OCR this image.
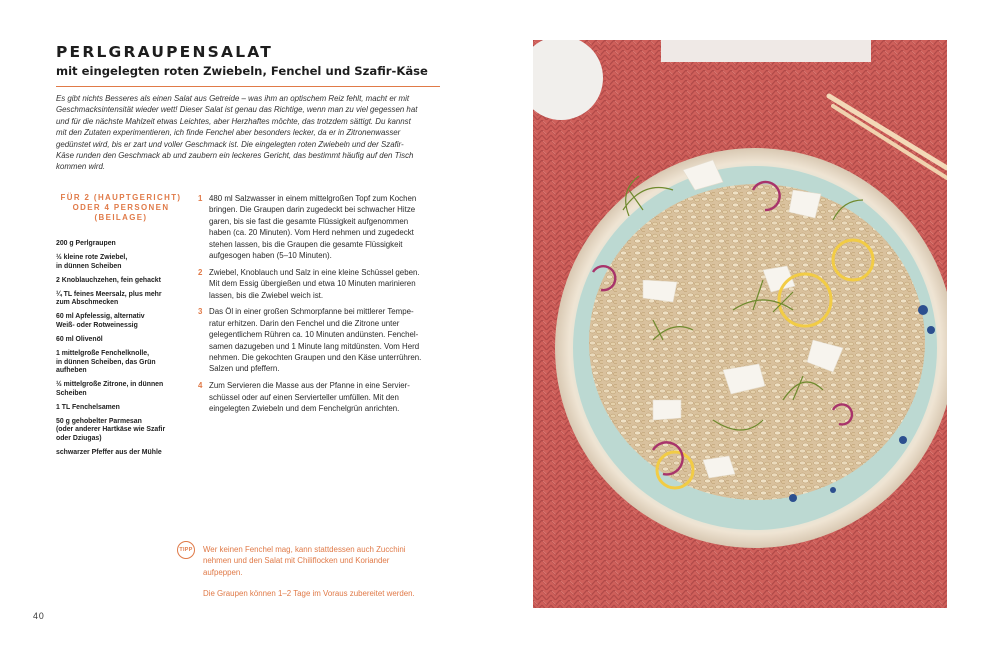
PERLGRAUPENSALAT
mit eingelegten roten Zwiebeln, Fenchel und Szafir-Käse
Es gibt nichts Besseres als einen Salat aus Getreide – was ihm an optischem Reiz fehlt, macht er mit
Geschmacksintensität wieder wett! Dieser Salat ist genau das Richtige, wenn man zu viel gegessen hat
und für die nächste Mahlzeit etwas Leichtes, aber Herzhaftes möchte, das trotzdem sättigt. Du kannst
mit den Zutaten experimentieren, ich finde Fenchel aber besonders lecker, da er in Zitronenwasser
gedünstet wird, bis er zart und voller Geschmack ist. Die eingelegten roten Zwiebeln und der Szafir-
Käse runden den Geschmack ab und zaubern ein leckeres Gericht, das bestimmt häufig auf den Tisch
kommen wird.
FÜR 2 (HAUPTGERICHT)
ODER 4 PERSONEN
(BEILAGE)
200 g Perlgraupen
½ kleine rote Zwiebel,
in dünnen Scheiben
2 Knoblauchzehen, fein gehackt
¼ TL feines Meersalz, plus mehr
zum Abschmecken
60 ml Apfelessig, alternativ
Weiß- oder Rotweinessig
60 ml Olivenöl
1 mittelgroße Fenchelknolle,
in dünnen Scheiben, das Grün
aufheben
½ mittelgroße Zitrone, in dünnen
Scheiben
1 TL Fenchelsamen
50 g gehobelter Parmesan
(oder anderer Hartkäse wie Szafir
oder Dziugas)
schwarzer Pfeffer aus der Mühle
1 480 ml Salzwasser in einem mittelgroßen Topf zum Kochen
bringen. Die Graupen darin zugedeckt bei schwacher Hitze
garen, bis sie fast die gesamte Flüssigkeit aufgenommen
haben (ca. 20 Minuten). Vom Herd nehmen und zugedeckt
stehen lassen, bis die Graupen die gesamte Flüssigkeit
aufgesogen haben (5–10 Minuten).
2 Zwiebel, Knoblauch und Salz in eine kleine Schüssel geben.
Mit dem Essig übergießen und etwa 10 Minuten marinieren
lassen, bis die Zwiebel weich ist.
3 Das Öl in einer großen Schmorpfanne bei mittlerer Tempe-
ratur erhitzen. Darin den Fenchel und die Zitrone unter
gelegentlichem Rühren ca. 10 Minuten andünsten. Fenchel-
samen dazugeben und 1 Minute lang mitdünsten. Vom Herd
nehmen. Die gekochten Graupen und den Käse unterrühren.
Salzen und pfeffern.
4 Zum Servieren die Masse aus der Pfanne in eine Servier-
schüssel oder auf einen Servierteller umfüllen. Mit den
eingelegten Zwiebeln und dem Fenchelgrün anrichten.
TIPP	Wer keinen Fenchel mag, kann stattdessen auch Zucchini
nehmen und den Salat mit Chiliflocken und Koriander
aufpeppen.

Die Graupen können 1–2 Tage im Voraus zubereitet werden.

40
